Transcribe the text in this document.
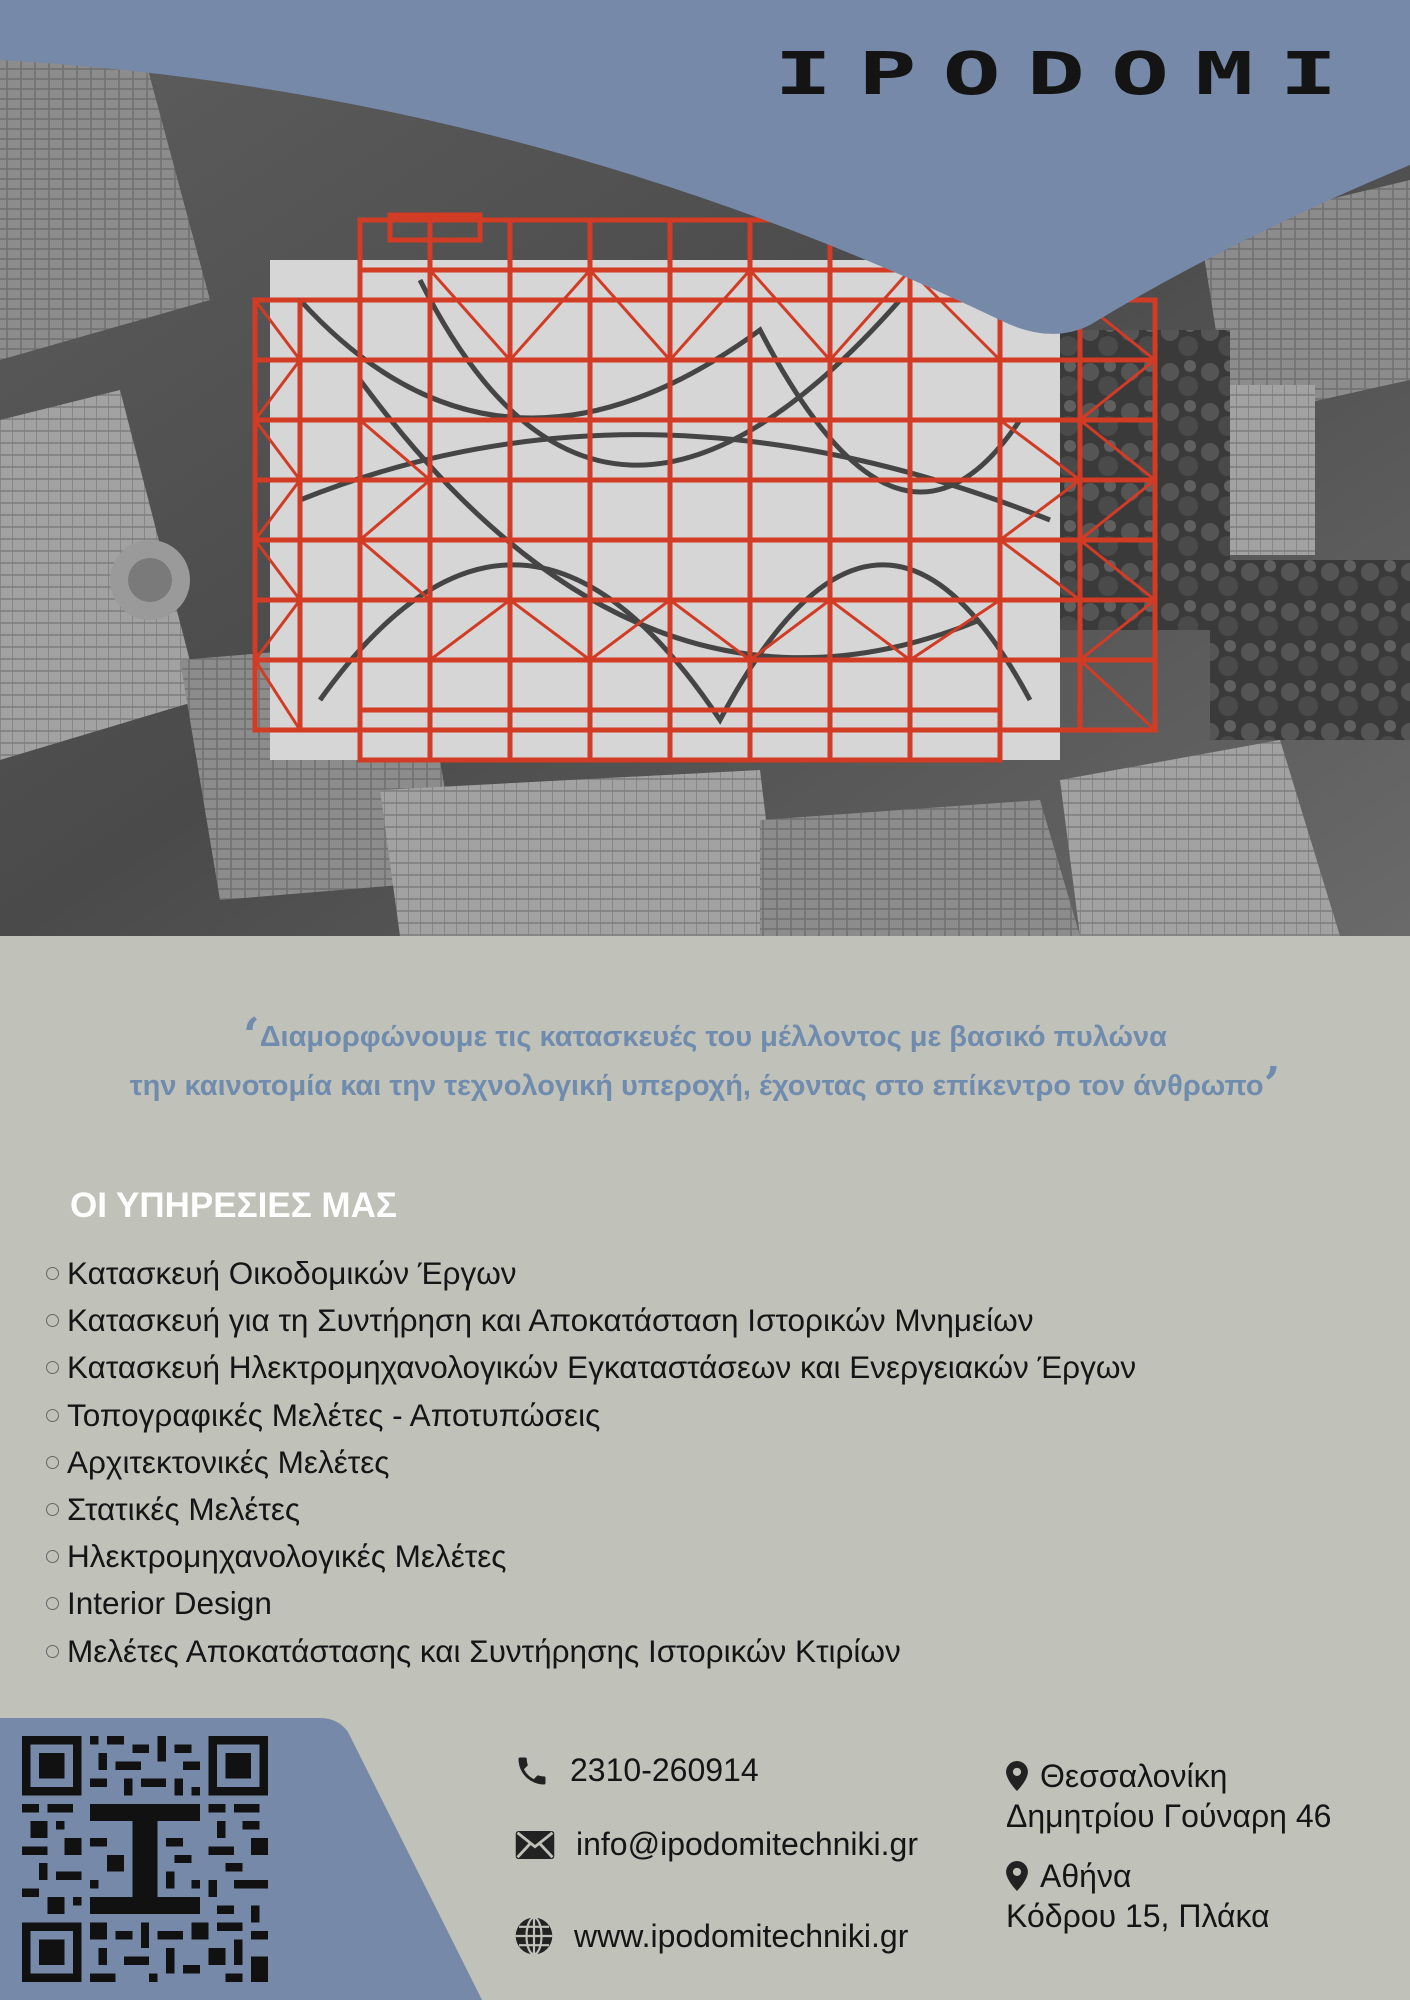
IPODOMI
‘Διαμορφώνουμε τις κατασκευές του μέλλοντος με βασικό πυλώνα
την καινοτομία και την τεχνολογική υπεροχή, έχοντας στο επίκεντρο τον άνθρωπο’
ΟΙ ΥΠΗΡΕΣΙΕΣ ΜΑΣ
Κατασκευή Οικοδομικών Έργων
Κατασκευή για τη Συντήρηση και Αποκατάσταση Ιστορικών Μνημείων
Κατασκευή Ηλεκτρομηχανολογικών Εγκαταστάσεων και Ενεργειακών Έργων
Τοπογραφικές Μελέτες - Αποτυπώσεις
Αρχιτεκτονικές Μελέτες
Στατικές Μελέτες
Ηλεκτρομηχανολογικές Μελέτες
Interior Design
Μελέτες Αποκατάστασης και Συντήρησης Ιστορικών Κτιρίων
2310-260914
info@ipodomitechniki.gr
www.ipodomitechniki.gr
Θεσσαλονίκη
Δημητρίου Γούναρη 46
Αθήνα
Κόδρου 15, Πλάκα
